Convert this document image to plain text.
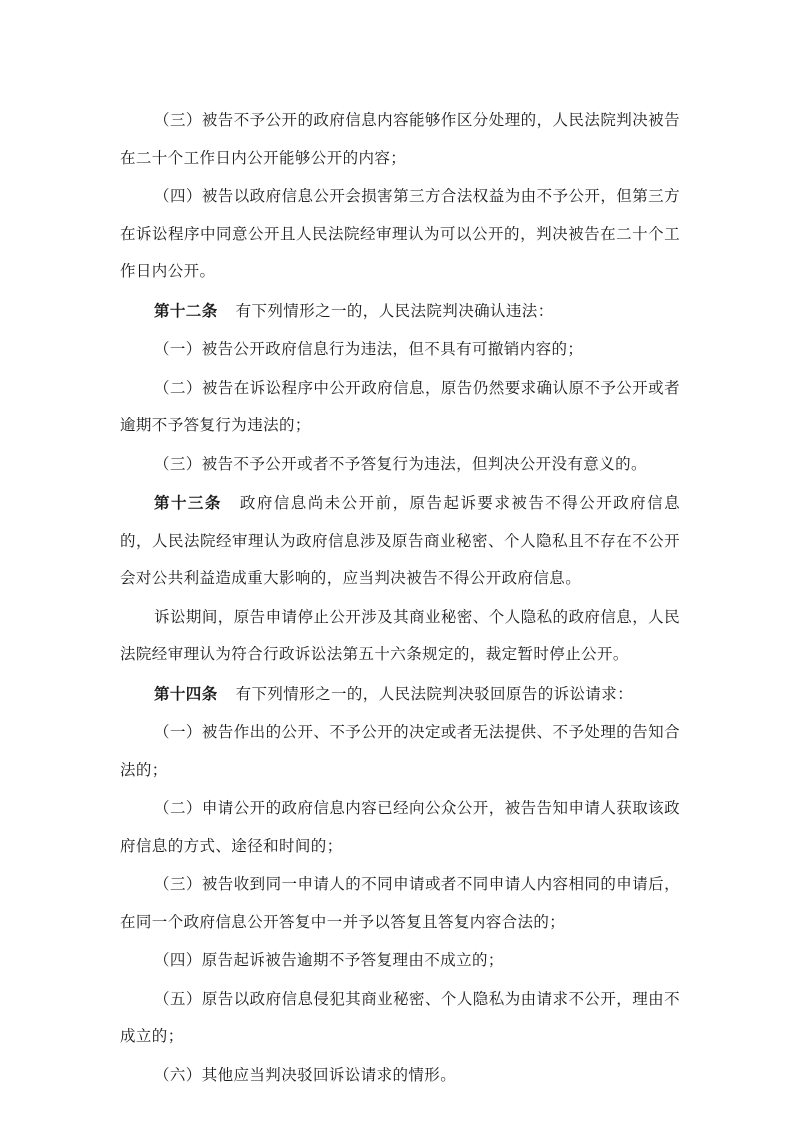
（三）被告不予公开的政府信息内容能够作区分处理的，人民法院判决被告在二十个工作日内公开能够公开的内容；

（四）被告以政府信息公开会损害第三方合法权益为由不予公开，但第三方在诉讼程序中同意公开且人民法院经审理认为可以公开的，判决被告在二十个工作日内公开。

第十二条 有下列情形之一的，人民法院判决确认违法：

（一）被告公开政府信息行为违法，但不具有可撤销内容的；

（二）被告在诉讼程序中公开政府信息，原告仍然要求确认原不予公开或者逾期不予答复行为违法的；

（三）被告不予公开或者不予答复行为违法，但判决公开没有意义的。

第十三条 政府信息尚未公开前，原告起诉要求被告不得公开政府信息的，人民法院经审理认为政府信息涉及原告商业秘密、个人隐私且不存在不公开会对公共利益造成重大影响的，应当判决被告不得公开政府信息。

诉讼期间，原告申请停止公开涉及其商业秘密、个人隐私的政府信息，人民法院经审理认为符合行政诉讼法第五十六条规定的，裁定暂时停止公开。

第十四条 有下列情形之一的，人民法院判决驳回原告的诉讼请求：

（一）被告作出的公开、不予公开的决定或者无法提供、不予处理的告知合法的；

（二）申请公开的政府信息内容已经向公众公开，被告告知申请人获取该政府信息的方式、途径和时间的；

（三）被告收到同一申请人的不同申请或者不同申请人内容相同的申请后，在同一个政府信息公开答复中一并予以答复且答复内容合法的；

（四）原告起诉被告逾期不予答复理由不成立的；

（五）原告以政府信息侵犯其商业秘密、个人隐私为由请求不公开，理由不成立的；

（六）其他应当判决驳回诉讼请求的情形。
